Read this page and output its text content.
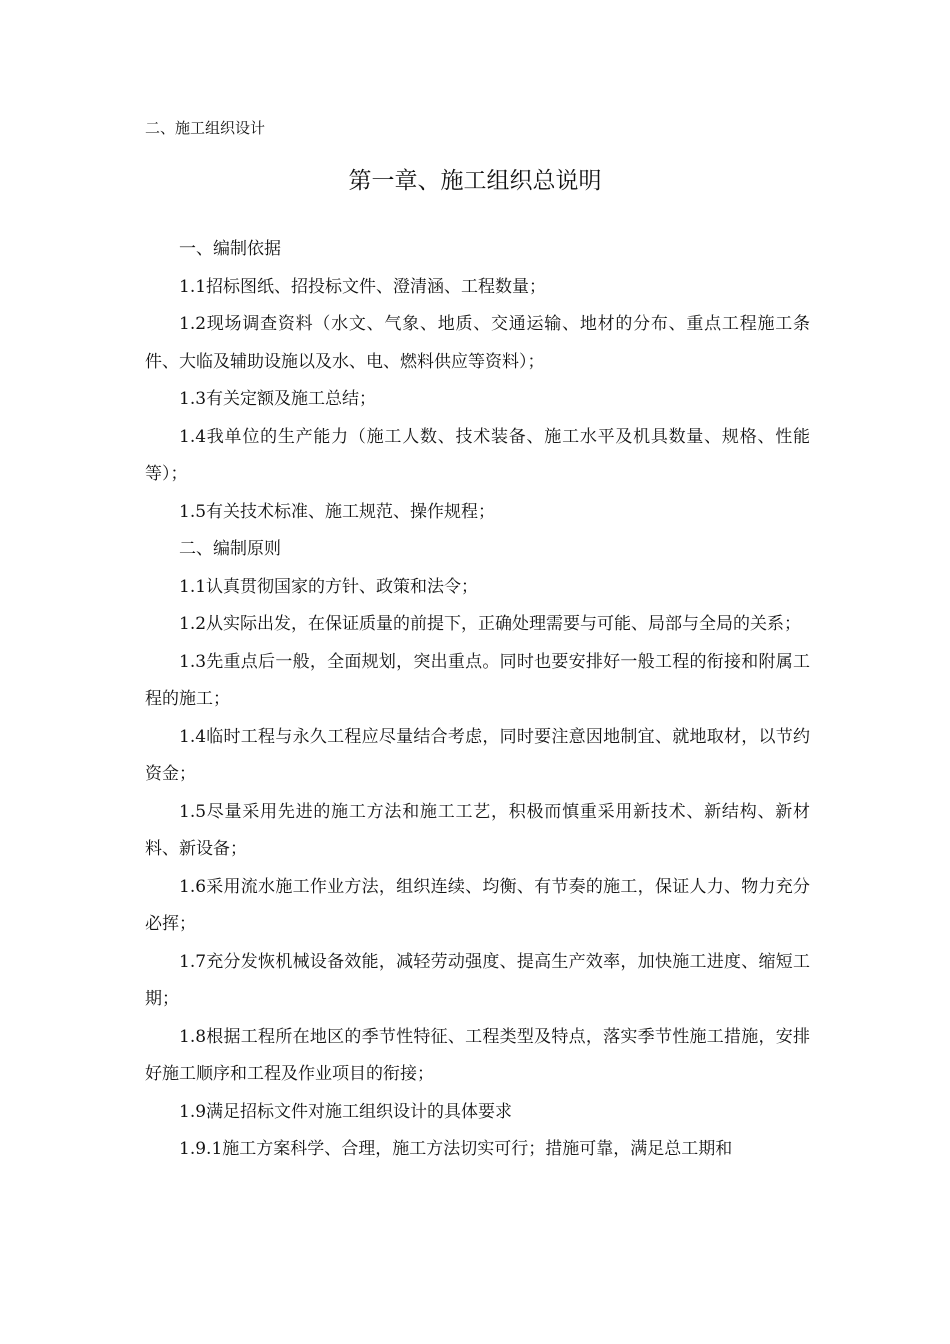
二、施工组织设计
第一章、施工组织总说明

一、编制依据

1.1招标图纸、招投标文件、澄清涵、工程数量；

1.2现场调查资料（水文、气象、地质、交通运输、地材的分布、重点工程施工条件、大临及辅助设施以及水、电、燃料供应等资料）；

1.3有关定额及施工总结；

1.4我单位的生产能力（施工人数、技术装备、施工水平及机具数量、规格、性能等）；

1.5有关技术标准、施工规范、操作规程；

二、编制原则

1.1认真贯彻国家的方针、政策和法令；

1.2从实际出发，在保证质量的前提下，正确处理需要与可能、局部与全局的关系；

1.3先重点后一般，全面规划，突出重点。同时也要安排好一般工程的衔接和附属工程的施工；

1.4临时工程与永久工程应尽量结合考虑，同时要注意因地制宜、就地取材，以节约资金；

1.5尽量采用先进的施工方法和施工工艺，积极而慎重采用新技术、新结构、新材料、新设备；

1.6采用流水施工作业方法，组织连续、均衡、有节奏的施工，保证人力、物力充分必挥；

1.7充分发恢机械设备效能，减轻劳动强度、提高生产效率，加快施工进度、缩短工期；

1.8根据工程所在地区的季节性特征、工程类型及特点，落实季节性施工措施，安排好施工顺序和工程及作业项目的衔接；

1.9满足招标文件对施工组织设计的具体要求

1.9.1施工方案科学、合理，施工方法切实可行；措施可靠，满足总工期和
